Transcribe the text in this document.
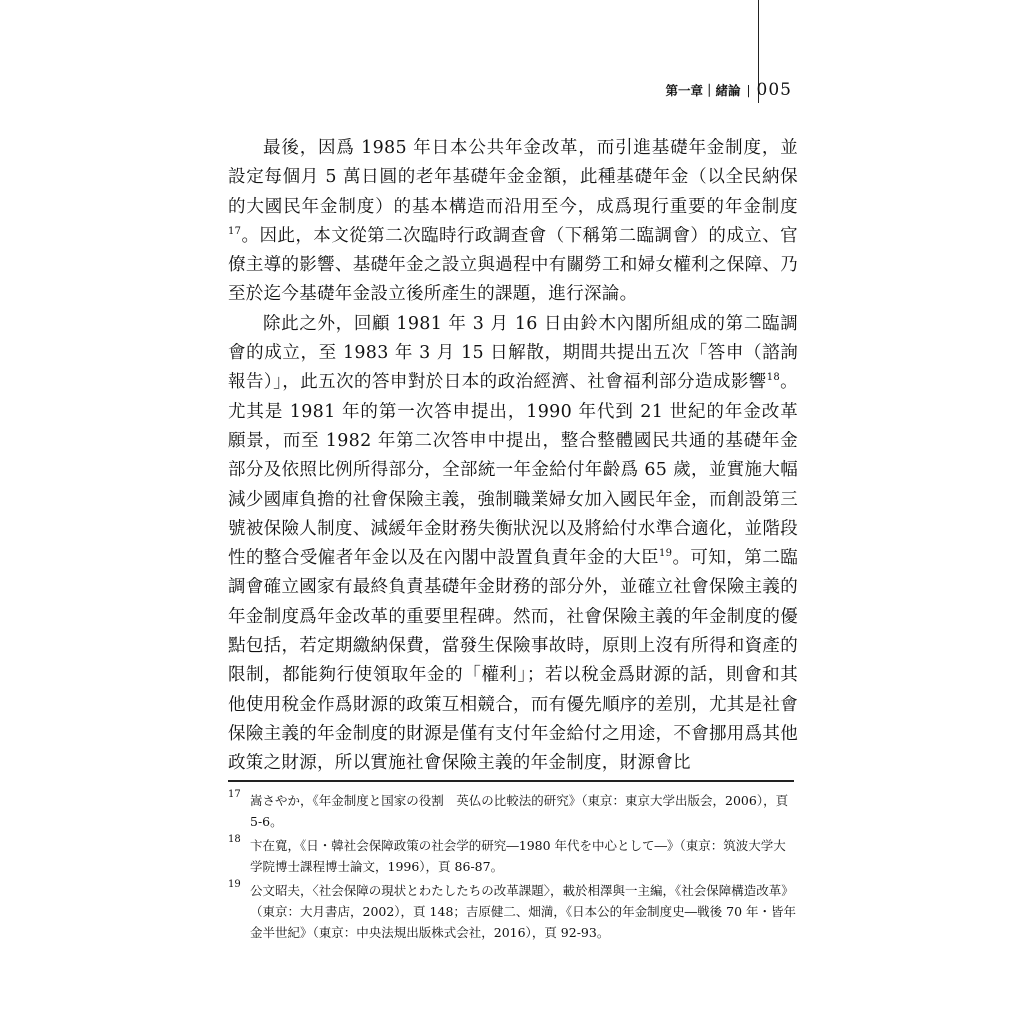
第一章｜緒論 | 005

最後，因爲 1985 年日本公共年金改革，而引進基礎年金制度，並設定每個月 5 萬日圓的老年基礎年金金額，此種基礎年金（以全民納保的大國民年金制度）的基本構造而沿用至今，成爲現行重要的年金制度$^{17}$。因此，本文從第二次臨時行政調查會（下稱第二臨調會）的成立、官僚主導的影響、基礎年金之設立與過程中有關勞工和婦女權利之保障、乃至於迄今基礎年金設立後所產生的課題，進行深論。

除此之外，回顧 1981 年 3 月 16 日由鈴木內閣所組成的第二臨調會的成立，至 1983 年 3 月 15 日解散，期間共提出五次「答申（諮詢報告）」，此五次的答申對於日本的政治經濟、社會福利部分造成影響$^{18}$。尤其是 1981 年的第一次答申提出，1990 年代到 21 世紀的年金改革願景，而至 1982 年第二次答申中提出，整合整體國民共通的基礎年金部分及依照比例所得部分，全部統一年金給付年齡爲 65 歲，並實施大幅減少國庫負擔的社會保險主義，強制職業婦女加入國民年金，而創設第三號被保險人制度、減緩年金財務失衡狀況以及將給付水準合適化，並階段性的整合受僱者年金以及在內閣中設置負責年金的大臣$^{19}$。可知，第二臨調會確立國家有最終負責基礎年金財務的部分外，並確立社會保險主義的年金制度爲年金改革的重要里程碑。然而，社會保險主義的年金制度的優點包括，若定期繳納保費，當發生保險事故時，原則上沒有所得和資產的限制，都能夠行使領取年金的「權利」；若以稅金爲財源的話，則會和其他使用稅金作爲財源的政策互相競合，而有優先順序的差別，尤其是社會保險主義的年金制度的財源是僅有支付年金給付之用途，不會挪用爲其他政策之財源，所以實施社會保險主義的年金制度，財源會比

17 嵩さやか，《年金制度と国家の役割　英仏の比較法的研究》（東京：東京大学出版会，2006），頁 5-6。
18 卞在寬，《日・韓社会保障政策の社会学的研究―1980 年代を中心として―》（東京：筑波大学大学院博士課程博士論文，1996），頁 86-87。
19 公文昭夫，〈社会保障の現状とわたしたちの改革課題〉，載於相澤與一主編，《社会保障構造改革》（東京：大月書店，2002），頁 148；吉原健二、畑満，《日本公的年金制度史―戦後 70 年・皆年金半世紀》（東京：中央法規出版株式会社，2016），頁 92-93。
